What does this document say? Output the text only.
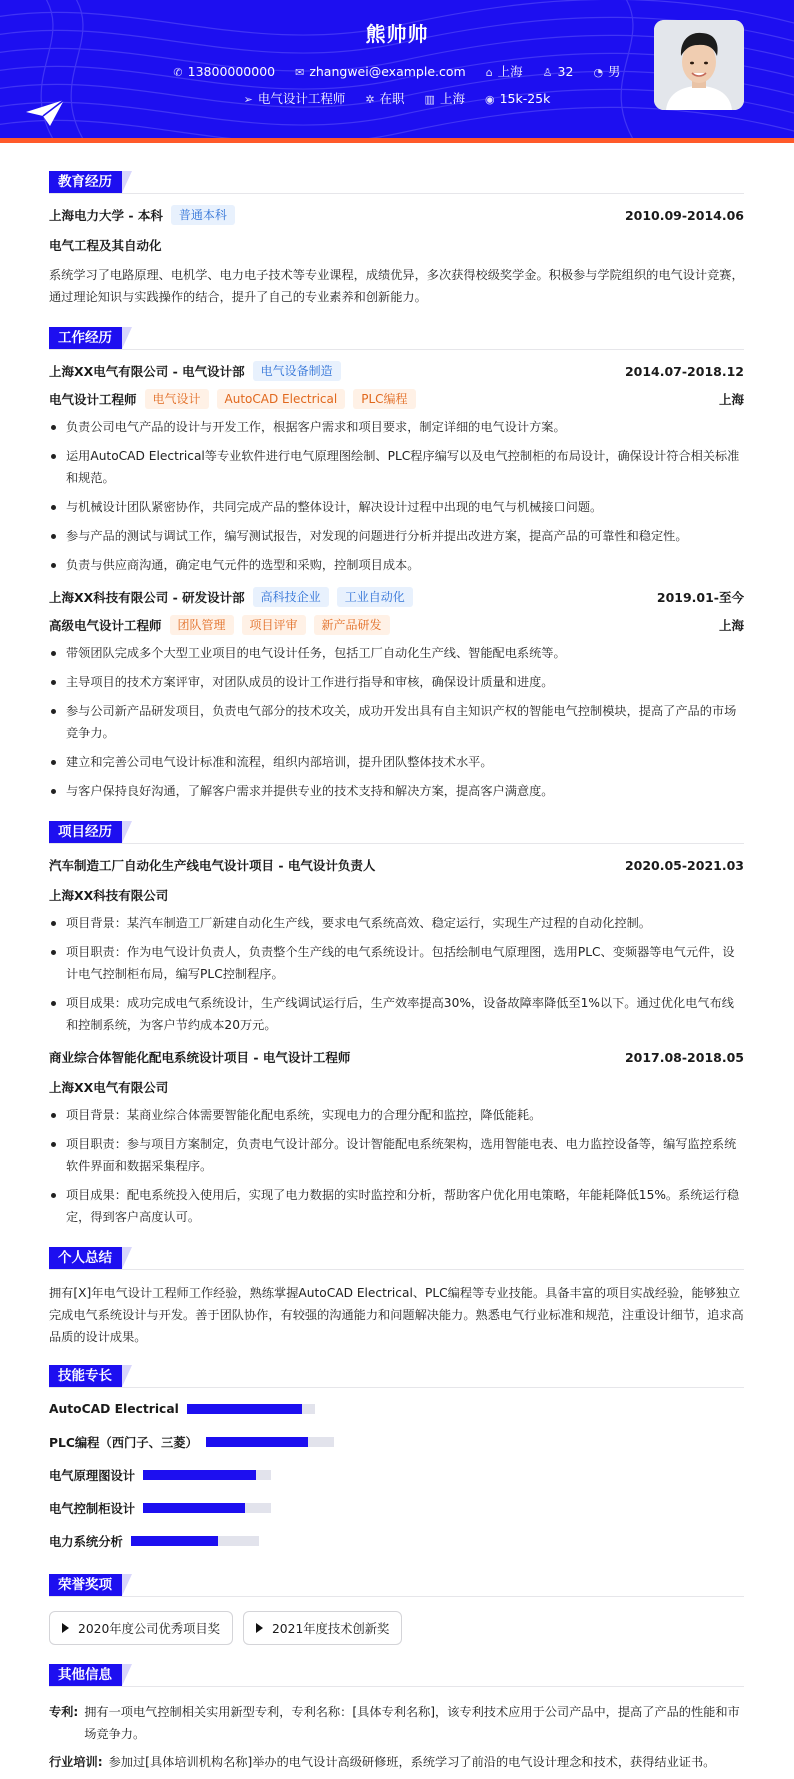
熊帅帅
✆ 13800000000 ✉ zhangwei@example.com ⌂ 上海 ♙ 32 ◔ 男
➢ 电气设计工程师 ✲ 在职 ▥ 上海 ◉ 15k-25k
教育经历
上海电力大学 - 本科	普通本科	2010.09-2014.06
电气工程及其自动化
系统学习了电路原理、电机学、电力电子技术等专业课程，成绩优异，多次获得校级奖学金。积极参与学院组织的电气设计竞赛，通过理论知识与实践操作的结合，提升了自己的专业素养和创新能力。
工作经历
上海XX电气有限公司 - 电气设计部	电气设备制造	2014.07-2018.12
电气设计工程师	电气设计	AutoCAD Electrical	PLC编程	上海
负责公司电气产品的设计与开发工作，根据客户需求和项目要求，制定详细的电气设计方案。
运用AutoCAD Electrical等专业软件进行电气原理图绘制、PLC程序编写以及电气控制柜的布局设计，确保设计符合相关标准和规范。
与机械设计团队紧密协作，共同完成产品的整体设计，解决设计过程中出现的电气与机械接口问题。
参与产品的测试与调试工作，编写测试报告，对发现的问题进行分析并提出改进方案，提高产品的可靠性和稳定性。
负责与供应商沟通，确定电气元件的选型和采购，控制项目成本。
上海XX科技有限公司 - 研发设计部	高科技企业	工业自动化	2019.01-至今
高级电气设计工程师	团队管理	项目评审	新产品研发	上海
带领团队完成多个大型工业项目的电气设计任务，包括工厂自动化生产线、智能配电系统等。
主导项目的技术方案评审，对团队成员的设计工作进行指导和审核，确保设计质量和进度。
参与公司新产品研发项目，负责电气部分的技术攻关，成功开发出具有自主知识产权的智能电气控制模块，提高了产品的市场竞争力。
建立和完善公司电气设计标准和流程，组织内部培训，提升团队整体技术水平。
与客户保持良好沟通，了解客户需求并提供专业的技术支持和解决方案，提高客户满意度。
项目经历
汽车制造工厂自动化生产线电气设计项目 - 电气设计负责人	2020.05-2021.03
上海XX科技有限公司
项目背景：某汽车制造工厂新建自动化生产线，要求电气系统高效、稳定运行，实现生产过程的自动化控制。
项目职责：作为电气设计负责人，负责整个生产线的电气系统设计。包括绘制电气原理图，选用PLC、变频器等电气元件，设计电气控制柜布局，编写PLC控制程序。
项目成果：成功完成电气系统设计，生产线调试运行后，生产效率提高30%，设备故障率降低至1%以下。通过优化电气布线和控制系统，为客户节约成本20万元。
商业综合体智能化配电系统设计项目 - 电气设计工程师	2017.08-2018.05
上海XX电气有限公司
项目背景：某商业综合体需要智能化配电系统，实现电力的合理分配和监控，降低能耗。
项目职责：参与项目方案制定，负责电气设计部分。设计智能配电系统架构，选用智能电表、电力监控设备等，编写监控系统软件界面和数据采集程序。
项目成果：配电系统投入使用后，实现了电力数据的实时监控和分析，帮助客户优化用电策略，年能耗降低15%。系统运行稳定，得到客户高度认可。
个人总结
拥有[X]年电气设计工程师工作经验，熟练掌握AutoCAD Electrical、PLC编程等专业技能。具备丰富的项目实战经验，能够独立完成电气系统设计与开发。善于团队协作，有较强的沟通能力和问题解决能力。熟悉电气行业标准和规范，注重设计细节，追求高品质的设计成果。
技能专长
AutoCAD Electrical
PLC编程（西门子、三菱）
电气原理图设计
电气控制柜设计
电力系统分析
荣誉奖项
2020年度公司优秀项目奖	2021年度技术创新奖
其他信息
专利: 拥有一项电气控制相关实用新型专利，专利名称：[具体专利名称]，该专利技术应用于公司产品中，提高了产品的性能和市场竞争力。
行业培训: 参加过[具体培训机构名称]举办的电气设计高级研修班，系统学习了前沿的电气设计理念和技术，获得结业证书。
